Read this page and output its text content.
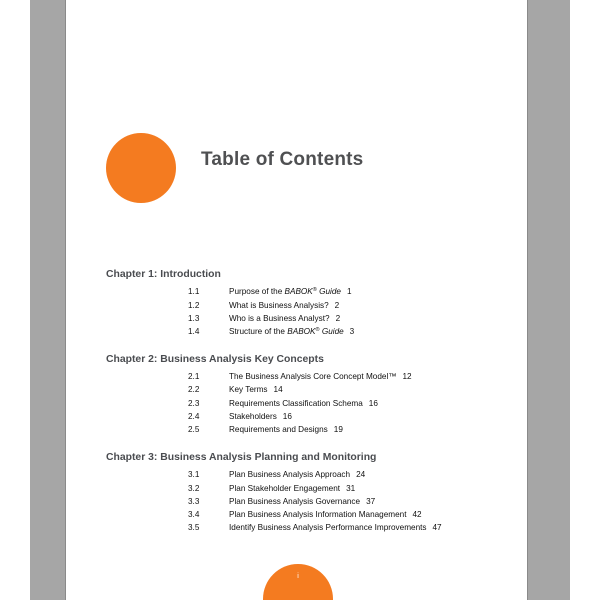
Table of Contents
Chapter 1: Introduction
1.1	Purpose of the BABOK® Guide 1
1.2	What is Business Analysis? 2
1.3	Who is a Business Analyst? 2
1.4	Structure of the BABOK® Guide 3
Chapter 2: Business Analysis Key Concepts
2.1	The Business Analysis Core Concept Model™ 12
2.2	Key Terms 14
2.3	Requirements Classification Schema 16
2.4	Stakeholders 16
2.5	Requirements and Designs 19
Chapter 3: Business Analysis Planning and Monitoring
3.1	Plan Business Analysis Approach 24
3.2	Plan Stakeholder Engagement 31
3.3	Plan Business Analysis Governance 37
3.4	Plan Business Analysis Information Management 42
3.5	Identify Business Analysis Performance Improvements 47
i
